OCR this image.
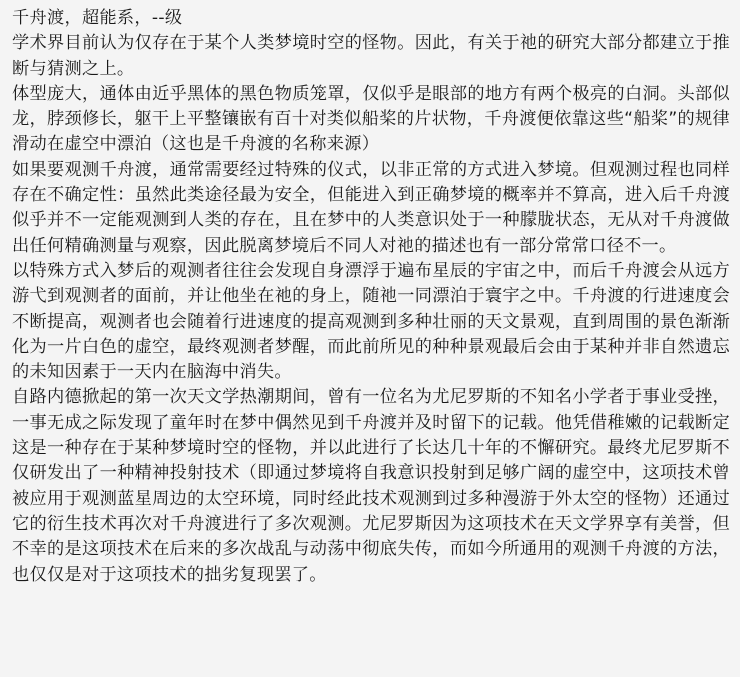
千舟渡，超能系，--级

学术界目前认为仅存在于某个人类梦境时空的怪物。因此，有关于祂的研究大部分都建立于推断与猜测之上。

体型庞大，通体由近乎黑体的黑色物质笼罩，仅似乎是眼部的地方有两个极亮的白洞。头部似龙，脖颈修长，躯干上平整镶嵌有百十对类似船桨的片状物，千舟渡便依靠这些“船桨”的规律滑动在虚空中漂泊（这也是千舟渡的名称来源）

如果要观测千舟渡，通常需要经过特殊的仪式，以非正常的方式进入梦境。但观测过程也同样存在不确定性：虽然此类途径最为安全，但能进入到正确梦境的概率并不算高，进入后千舟渡似乎并不一定能观测到人类的存在，且在梦中的人类意识处于一种朦胧状态，无从对千舟渡做出任何精确测量与观察，因此脱离梦境后不同人对祂的描述也有一部分常常口径不一。

以特殊方式入梦后的观测者往往会发现自身漂浮于遍布星辰的宇宙之中，而后千舟渡会从远方游弋到观测者的面前，并让他坐在祂的身上，随祂一同漂泊于寰宇之中。千舟渡的行进速度会不断提高，观测者也会随着行进速度的提高观测到多种壮丽的天文景观，直到周围的景色渐渐化为一片白色的虚空，最终观测者梦醒，而此前所见的种种景观最后会由于某种并非自然遗忘的未知因素于一天内在脑海中消失。

自路内德掀起的第一次天文学热潮期间，曾有一位名为尤尼罗斯的不知名小学者于事业受挫，一事无成之际发现了童年时在梦中偶然见到千舟渡并及时留下的记载。他凭借稚嫩的记载断定这是一种存在于某种梦境时空的怪物，并以此进行了长达几十年的不懈研究。最终尤尼罗斯不仅研发出了一种精神投射技术（即通过梦境将自我意识投射到足够广阔的虚空中，这项技术曾被应用于观测蓝星周边的太空环境，同时经此技术观测到过多种漫游于外太空的怪物）还通过它的衍生技术再次对千舟渡进行了多次观测。尤尼罗斯因为这项技术在天文学界享有美誉，但不幸的是这项技术在后来的多次战乱与动荡中彻底失传，而如今所通用的观测千舟渡的方法，也仅仅是对于这项技术的拙劣复现罢了。
